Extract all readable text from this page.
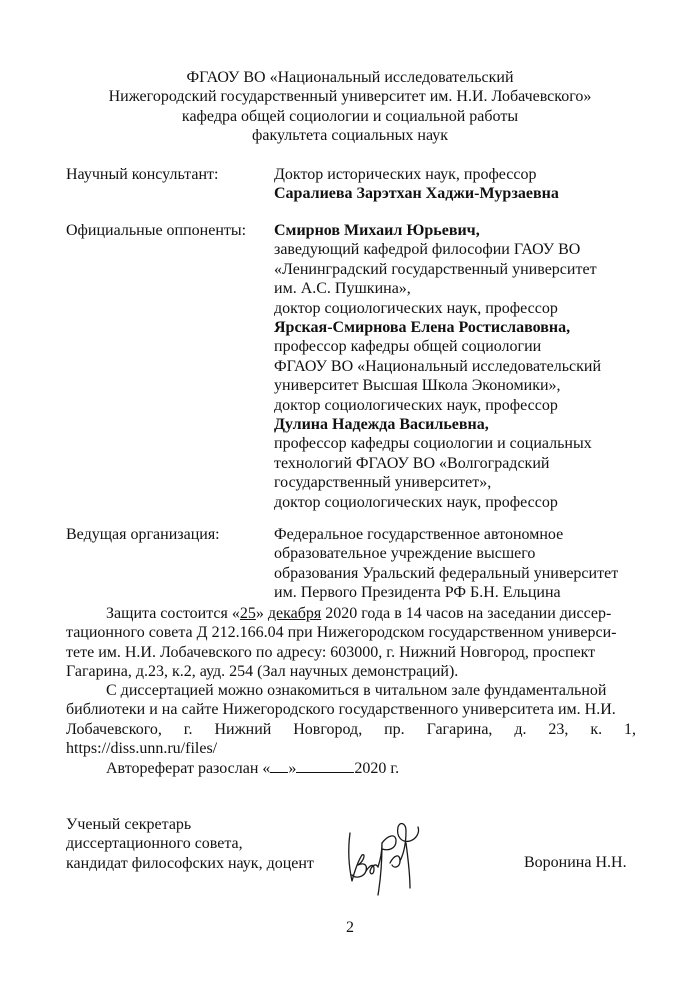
ФГАОУ ВО «Национальный исследовательский
Нижегородский государственный университет им. Н.И. Лобачевского»
кафедра общей социологии и социальной работы
факультета социальных наук
Научный консультант:	Доктор исторических наук, профессор
Саралиева Зарэтхан Хаджи-Мурзаевна
Официальные оппоненты: Смирнов Михаил Юрьевич,
заведующий кафедрой философии ГАОУ ВО
«Ленинградский государственный университет
им. А.С. Пушкина»,
доктор социологических наук, профессор
Ярская-Смирнова Елена Ростиславовна,
профессор кафедры общей социологии
ФГАОУ ВО «Национальный исследовательский
университет Высшая Школа Экономики»,
доктор социологических наук, профессор
Дулина Надежда Васильевна,
профессор кафедры социологии и социальных
технологий ФГАОУ ВО «Волгоградский
государственный университет»,
доктор социологических наук, профессор
Ведущая организация:	Федеральное государственное автономное
образовательное учреждение высшего
образования Уральский федеральный университет
им. Первого Президента РФ Б.Н. Ельцина
Защита состоится «25» декабря 2020 года в 14 часов на заседании диссер-
тационного совета Д 212.166.04 при Нижегородском государственном универси-
тете им. Н.И. Лобачевского по адресу: 603000, г. Нижний Новгород, проспект
Гагарина, д.23, к.2, ауд. 254 (Зал научных демонстраций).
С диссертацией можно ознакомиться в читальном зале фундаментальной
библиотеки и на сайте Нижегородского государственного университета им. Н.И.
Лобачевского, г. Нижний Новгород, пр. Гагарина, д. 23, к. 1,
https://diss.unn.ru/files/
Автореферат разослан « »	2020 г.
Ученый секретарь
диссертационного совета,
кандидат философских наук, доцент	Воронина Н.Н.
2
